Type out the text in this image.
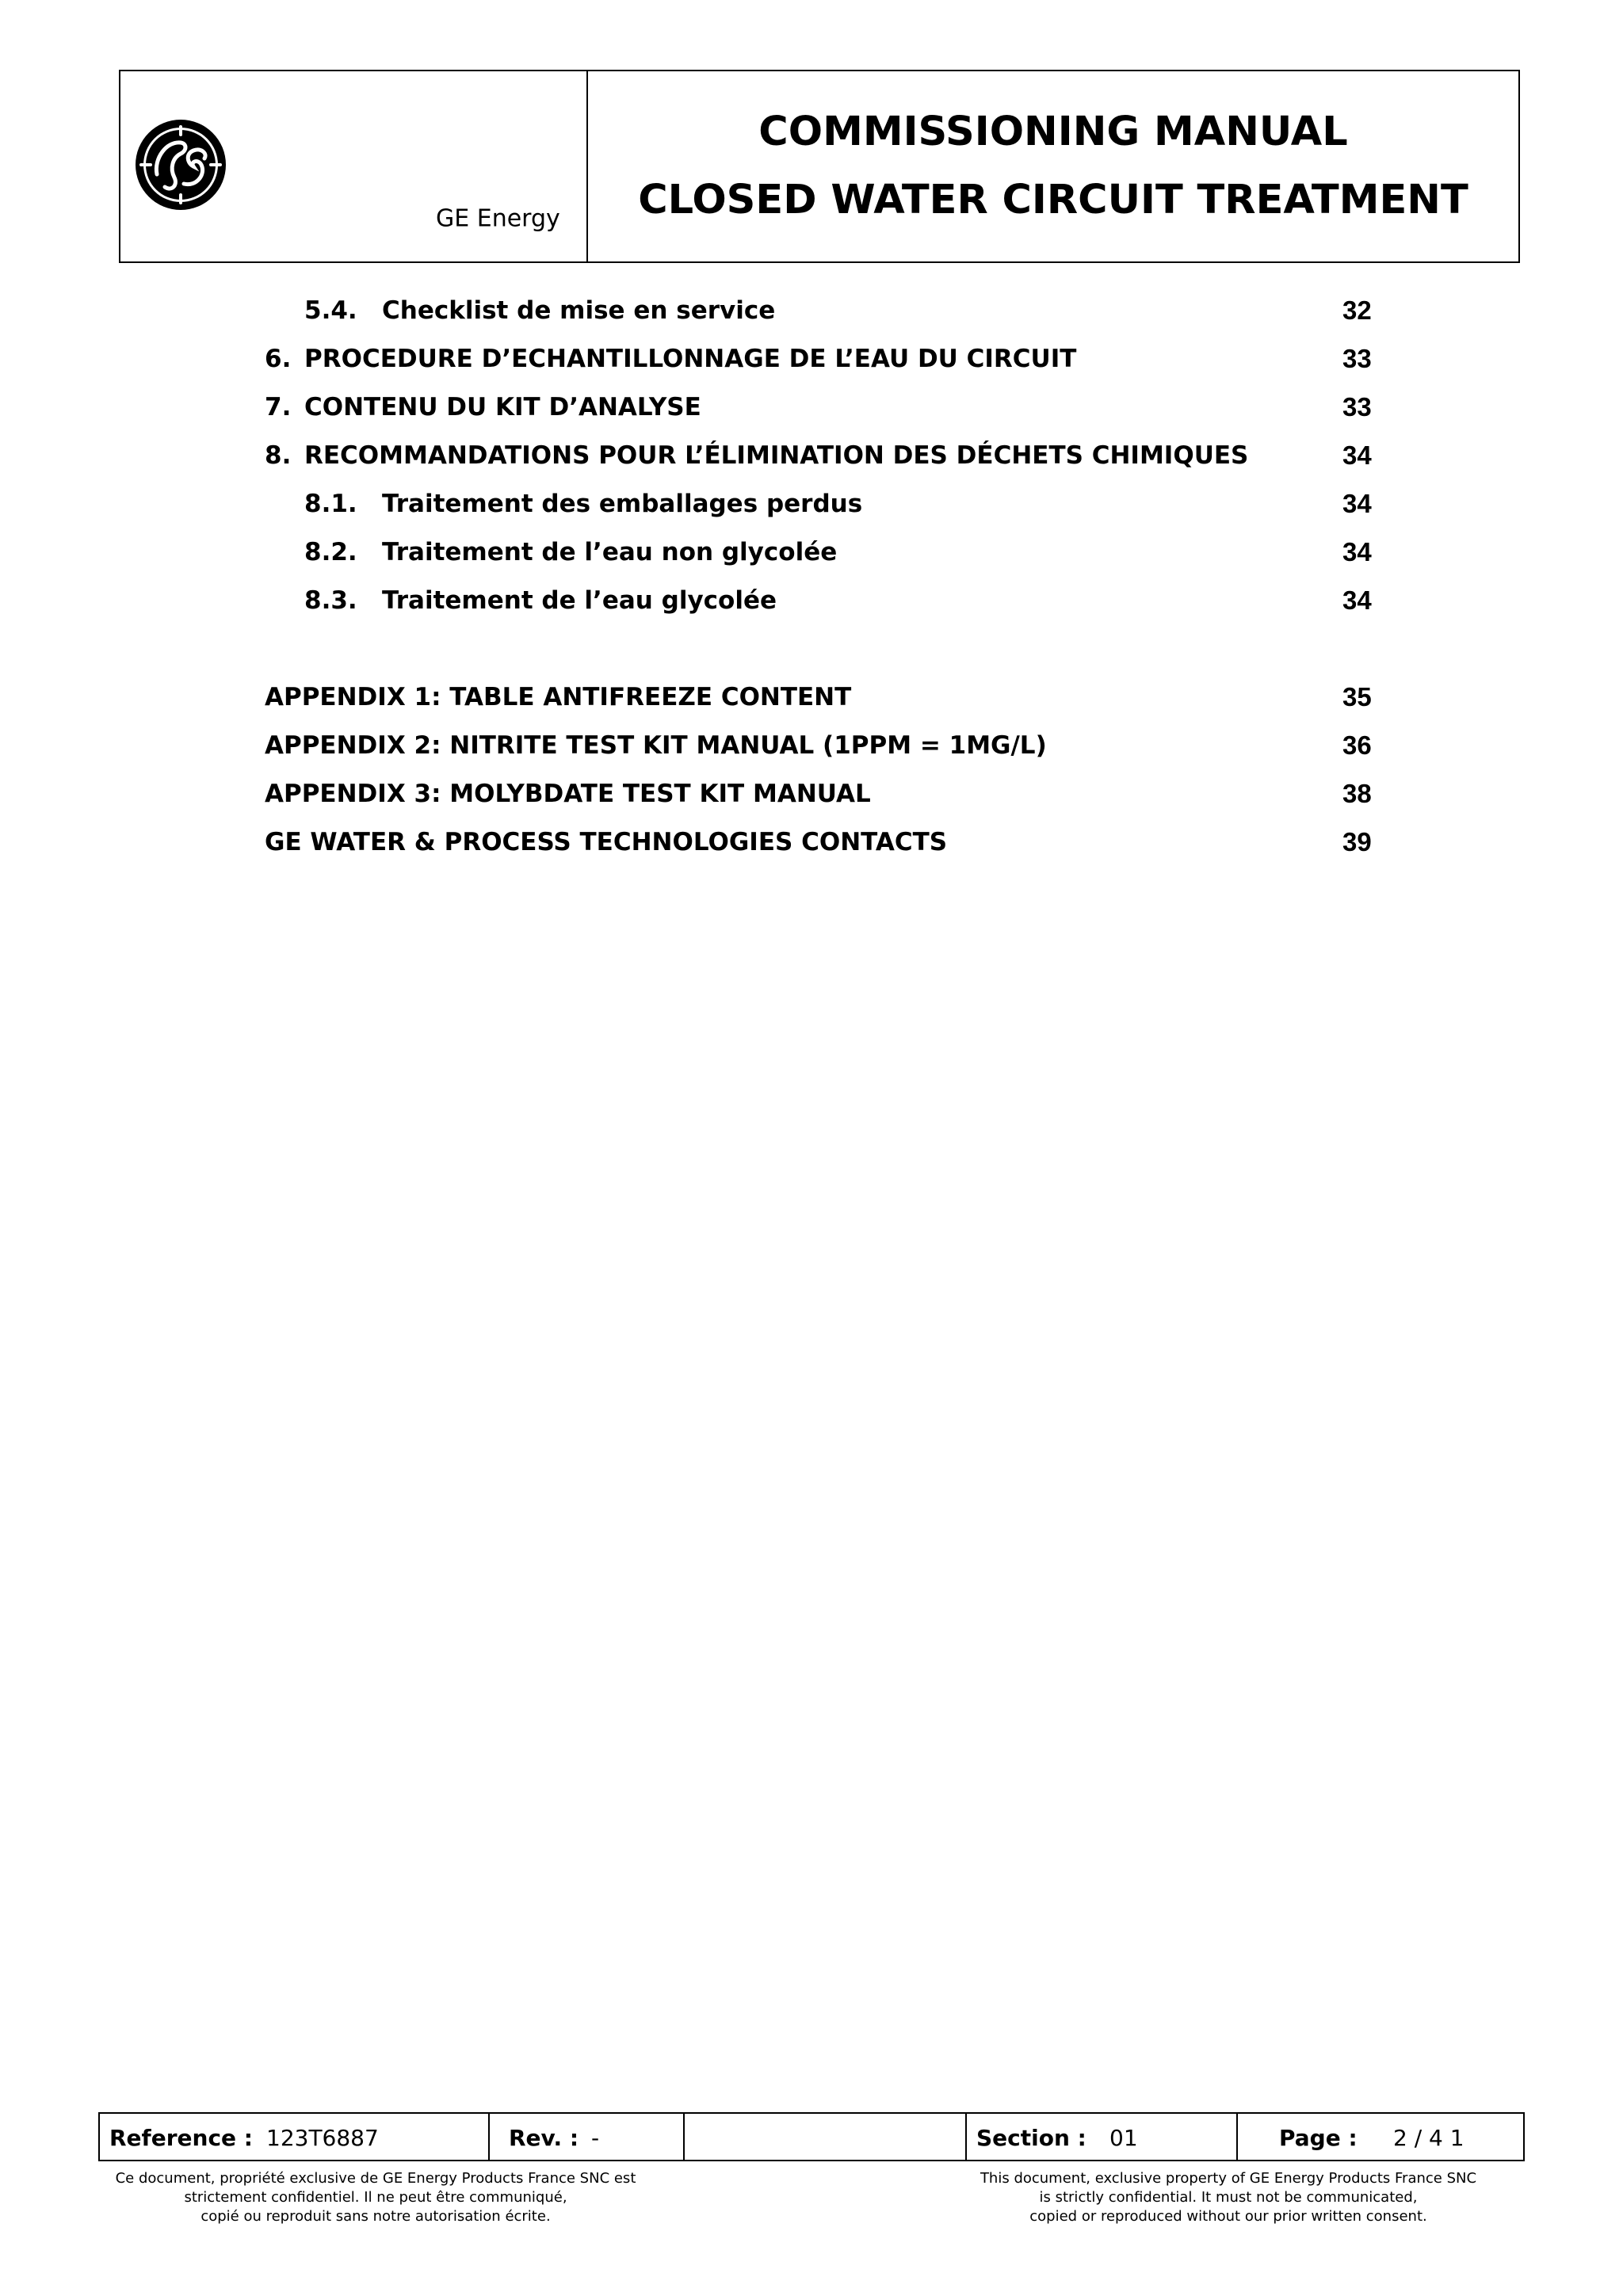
GE Energy
COMMISSIONING MANUAL
CLOSED WATER CIRCUIT TREATMENT
5.4. Checklist de mise en service	32
6. PROCEDURE D’ECHANTILLONNAGE DE L’EAU DU CIRCUIT	33
7. CONTENU DU KIT D’ANALYSE	33
8. RECOMMANDATIONS POUR L’ÉLIMINATION DES DÉCHETS CHIMIQUES	34
8.1. Traitement des emballages perdus	34
8.2. Traitement de l’eau non glycolée	34
8.3. Traitement de l’eau glycolée	34
APPENDIX 1: TABLE ANTIFREEZE CONTENT	35
APPENDIX 2: NITRITE TEST KIT MANUAL (1PPM = 1MG/L)	36
APPENDIX 3: MOLYBDATE TEST KIT MANUAL	38
GE WATER & PROCESS TECHNOLOGIES CONTACTS	39
Reference : 123T6887	Rev. : -	Section : 01	Page : 2 / 4 1
Ce document, propriété exclusive de GE Energy Products France SNC est
strictement confidentiel. Il ne peut être communiqué,
copié ou reproduit sans notre autorisation écrite.
This document, exclusive property of GE Energy Products France SNC
is strictly confidential. It must not be communicated,
copied or reproduced without our prior written consent.
